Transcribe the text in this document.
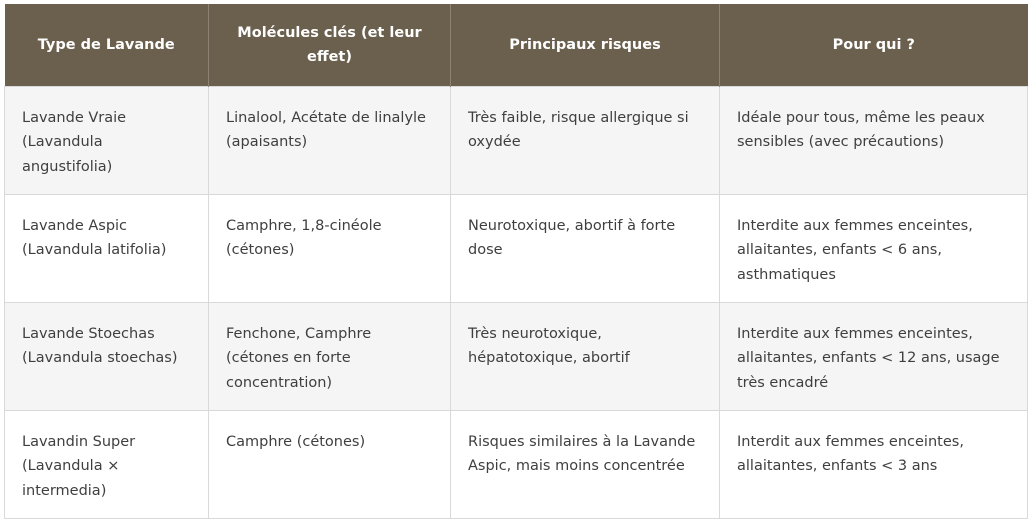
Type de Lavande	Molécules clés (et leur effet)	Principaux risques	Pour qui ?
Lavande Vraie (Lavandula angustifolia)	Linalool, Acétate de linalyle (apaisants)	Très faible, risque allergique si oxydée	Idéale pour tous, même les peaux sensibles (avec précautions)
Lavande Aspic (Lavandula latifolia)	Camphre, 1,8-cinéole (cétones)	Neurotoxique, abortif à forte dose	Interdite aux femmes enceintes, allaitantes, enfants < 6 ans, asthmatiques
Lavande Stoechas (Lavandula stoechas)	Fenchone, Camphre (cétones en forte concentration)	Très neurotoxique, hépatotoxique, abortif	Interdite aux femmes enceintes, allaitantes, enfants < 12 ans, usage très encadré
Lavandin Super (Lavandula × intermedia)	Camphre (cétones)	Risques similaires à la Lavande Aspic, mais moins concentrée	Interdit aux femmes enceintes, allaitantes, enfants < 3 ans
